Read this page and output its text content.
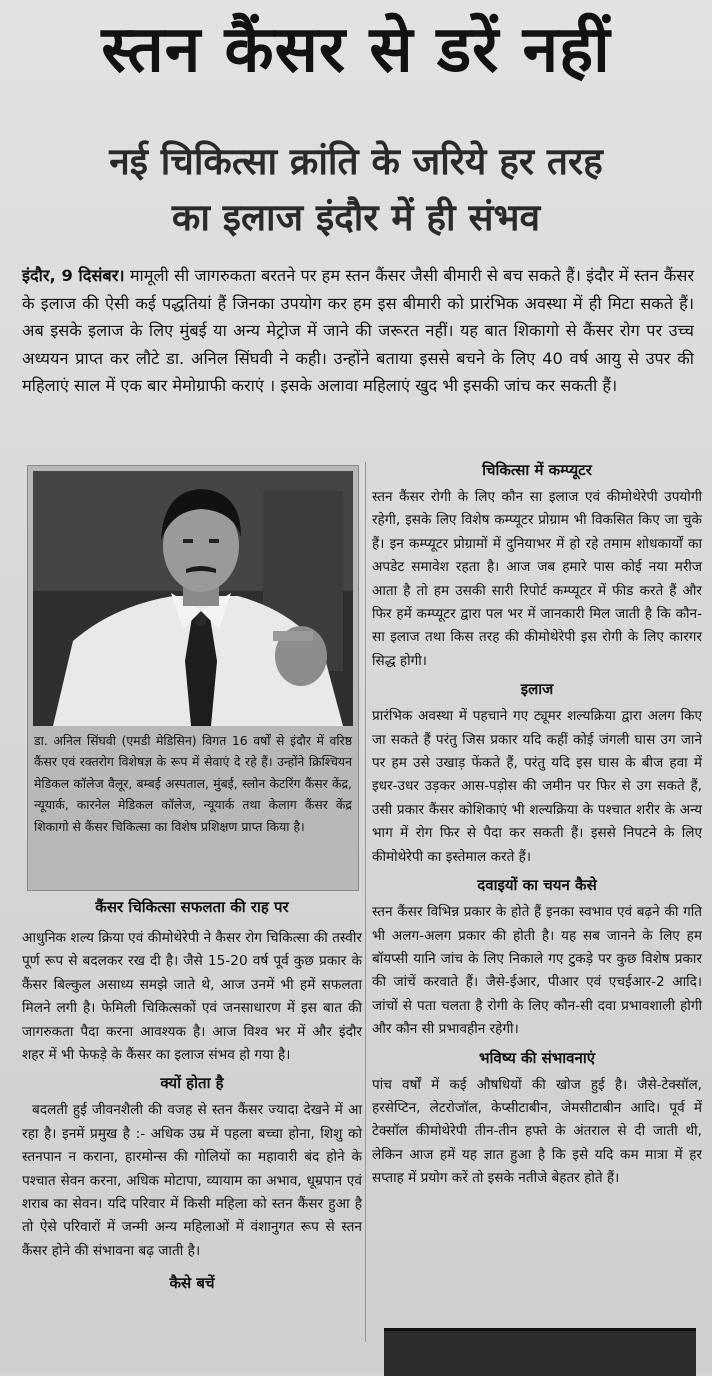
स्तन कैंसर से डरें नहीं
नई चिकित्सा क्रांति के जरिये हर तरह
का इलाज इंदौर में ही संभव
इंदौर, 9 दिसंबर। मामूली सी जागरुकता बरतने पर हम स्तन कैंसर जैसी बीमारी से बच सकते हैं। इंदौर में स्तन कैंसर के इलाज की ऐसी कई पद्धतियां हैं जिनका उपयोग कर हम इस बीमारी को प्रारंभिक अवस्था में ही मिटा सकते हैं। अब इसके इलाज के लिए मुंबई या अन्य मेट्रोज में जाने की जरूरत नहीं। यह बात शिकागो से कैंसर रोग पर उच्च अध्ययन प्राप्त कर लौटे डा. अनिल सिंघवी ने कही। उन्होंने बताया इससे बचने के लिए 40 वर्ष आयु से उपर की महिलाएं साल में एक बार मेमोग्राफी कराएं । इसके अलावा महिलाएं खुद भी इसकी जांच कर सकती हैं।
डा. अनिल सिंघवी (एमडी मेडिसिन) विगत 16 वर्षों से इंदौर में वरिष्ठ कैंसर एवं रक्तरोग विशेषज्ञ के रूप में सेवाएं दे रहे हैं। उन्होंने क्रिश्चियन मेडिकल कॉलेज वैलूर, बम्बई अस्पताल, मुंबई, स्लोन केटरिंग कैंसर केंद्र, न्यूयार्क, कारनेल मेडिकल कॉलेज, न्यूयार्क तथा केलाग कैंसर केंद्र शिकागो से कैंसर चिकित्सा का विशेष प्रशिक्षण प्राप्त किया है।

कैंसर चिकित्सा सफलता की राह पर

आधुनिक शल्य क्रिया एवं कीमोथेरेपी ने कैसर रोग चिकित्सा की तस्वीर पूर्ण रूप से बदलकर रख दी है। जैसे 15-20 वर्ष पूर्व कुछ प्रकार के कैंसर बिल्कुल असाध्य समझे जाते थे, आज उनमें भी हमें सफलता मिलने लगी है। फेमिली चिकित्सकों एवं जनसाधारण में इस बात की जागरुकता पैदा करना आवश्यक है। आज विश्व भर में और इंदौर शहर में भी फेफड़े के कैंसर का इलाज संभव हो गया है।

क्यों होता है

बदलती हुई जीवनशैली की वजह से स्तन कैंसर ज्यादा देखने में आ रहा है। इनमें प्रमुख है :- अधिक उम्र में पहला बच्चा होना, शिशु को स्तनपान न कराना, हारमोन्स की गोलियों का महावारी बंद होने के पश्चात सेवन करना, अधिक मोटापा, व्यायाम का अभाव, धूम्रपान एवं शराब का सेवन। यदि परिवार में किसी महिला को स्तन कैंसर हुआ है तो ऐसे परिवारों में जन्मी अन्य महिलाओं में वंशानुगत रूप से स्तन कैंसर होने की संभावना बढ़ जाती है।

कैसे बचें

चिकित्सा में कम्प्यूटर

स्तन कैंसर रोगी के लिए कौन सा इलाज एवं कीमोथेरेपी उपयोगी रहेगी, इसके लिए विशेष कम्प्यूटर प्रोग्राम भी विकसित किए जा चुके हैं। इन कम्प्यूटर प्रोग्रामों में दुनियाभर में हो रहे तमाम शोधकार्यों का अपडेट समावेश रहता है। आज जब हमारे पास कोई नया मरीज आता है तो हम उसकी सारी रिपोर्ट कम्प्यूटर में फीड करते हैं और फिर हमें कम्प्यूटर द्वारा पल भर में जानकारी मिल जाती है कि कौन-सा इलाज तथा किस तरह की कीमोथेरेपी इस रोगी के लिए कारगर सिद्ध होगी।

इलाज

प्रारंभिक अवस्था में पहचाने गए ट्यूमर शल्यक्रिया द्वारा अलग किए जा सकते हैं परंतु जिस प्रकार यदि कहीं कोई जंगली घास उग जाने पर हम उसे उखाड़ फेंकते हैं, परंतु यदि इस घास के बीज हवा में इधर-उधर उड़कर आस-पड़ोस की जमीन पर फिर से उग सकते हैं, उसी प्रकार कैंसर कोशिकाएं भी शल्यक्रिया के पश्चात शरीर के अन्य भाग में रोग फिर से पैदा कर सकती हैं। इससे निपटने के लिए कीमोथेरेपी का इस्तेमाल करते हैं।

दवाइयों का चयन कैसे

स्तन कैंसर विभिन्न प्रकार के होते हैं इनका स्वभाव एवं बढ़ने की गति भी अलग-अलग प्रकार की होती है। यह सब जानने के लिए हम बॉयप्सी यानि जांच के लिए निकाले गए टुकड़े पर कुछ विशेष प्रकार की जांचें करवाते हैं। जैसे-ईआर, पीआर एवं एचईआर-2 आदि। जांचों से पता चलता है रोगी के लिए कौन-सी दवा प्रभावशाली होगी और कौन सी प्रभावहीन रहेगी।

भविष्य की संभावनाएं

पांच वर्षों में कई औषधियों की खोज हुई है। जैसे-टेक्सॉल, हरसेप्टिन, लेटरोजॉल, केप्सीटाबीन, जेमसीटाबीन आदि। पूर्व में टेक्सॉल कीमोथेरेपी तीन-तीन हफ्ते के अंतराल से दी जाती थी, लेकिन आज हमें यह ज्ञात हुआ है कि इसे यदि कम मात्रा में हर सप्ताह में प्रयोग करें तो इसके नतीजे बेहतर होते हैं।
